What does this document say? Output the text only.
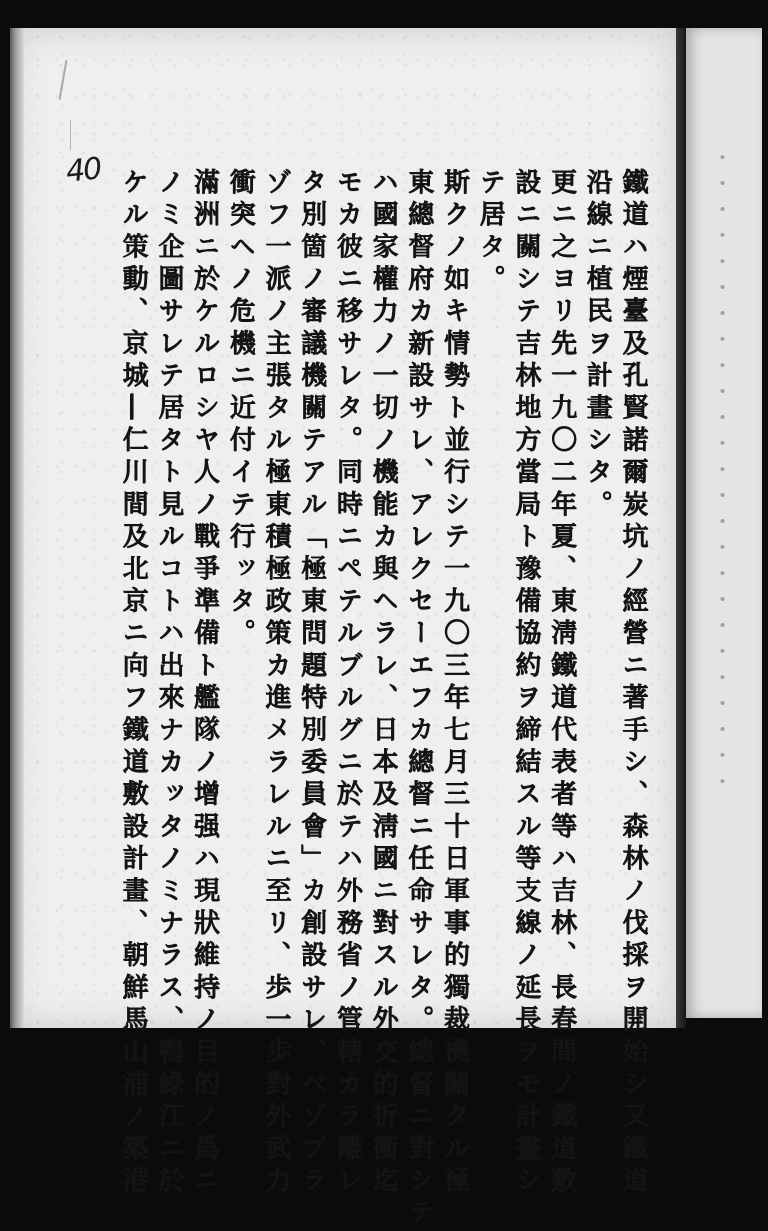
・・・・・・・・・・・・・・・・・・・・・・・・・
40	鐵道ハ煙臺及孔賢諾爾炭坑ノ經營ニ著手シ、森林ノ伐採ヲ開始シ又鐵道
沿線ニ植民ヲ計畫シタ。
更ニ之ヨリ先一九〇二年夏、東淸鐵道代表者等ハ吉林、長春間ノ鐵道敷
設ニ關シテ吉林地方當局ト豫備協約ヲ締結スル等支線ノ延長ヲモ計畫シ
テ居タ。
斯クノ如キ情勢ト並行シテ一九〇三年七月三十日軍事的獨裁機關タル極
東總督府カ新設サレ、アレクセーエフカ總督ニ任命サレタ。總督ニ對シテ
ハ國家權力ノ一切ノ機能カ與ヘラレ、日本及淸國ニ對スル外交的折衝迄
モカ彼ニ移サレタ。同時ニペテルブルグニ於テハ外務省ノ管轄カラ離レ
タ別箇ノ審議機關テアル「極東問題特別委員會」カ創設サレ、ベゾブラ
ゾフ一派ノ主張タル極東積極政策カ進メラレルニ至リ、歩一歩對外武力
衝突ヘノ危機ニ近付イテ行ッタ。
滿洲ニ於ケルロシヤ人ノ戰爭準備ト艦隊ノ增强ハ現狀維持ノ目的ノ爲ニ
ノミ企圖サレテ居タト見ルコトハ出來ナカッタノミナラス、鴨綠江ニ於
ケル策動、京城―仁川間及北京ニ向フ鐵道敷設計畫、朝鮮馬山浦ノ築港
